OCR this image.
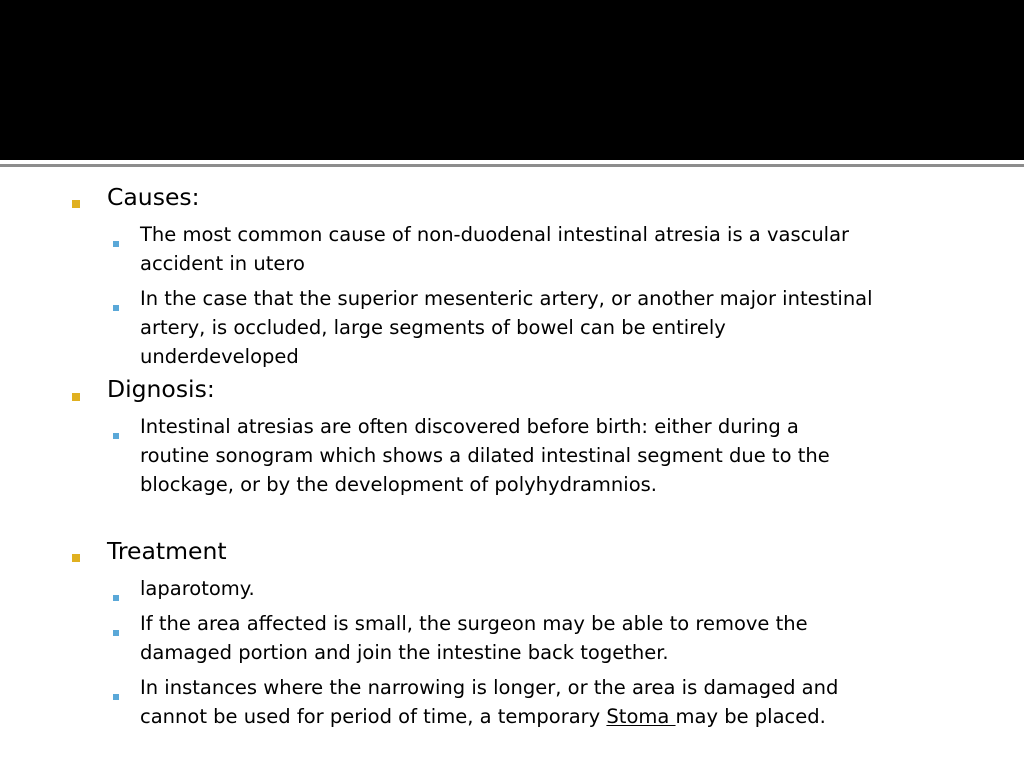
Causes:

The most common cause of non-duodenal intestinal atresia is a vascular

accident in utero

In the case that the superior mesenteric artery, or another major intestinal

artery, is occluded, large segments of bowel can be entirely

underdeveloped

Dignosis:

Intestinal atresias are often discovered before birth: either during a

routine sonogram which shows a dilated intestinal segment due to the

blockage, or by the development of polyhydramnios.

Treatment

laparotomy.

If the area affected is small, the surgeon may be able to remove the

damaged portion and join the intestine back together.

In instances where the narrowing is longer, or the area is damaged and

cannot be used for period of time, a temporary Stoma may be placed.
